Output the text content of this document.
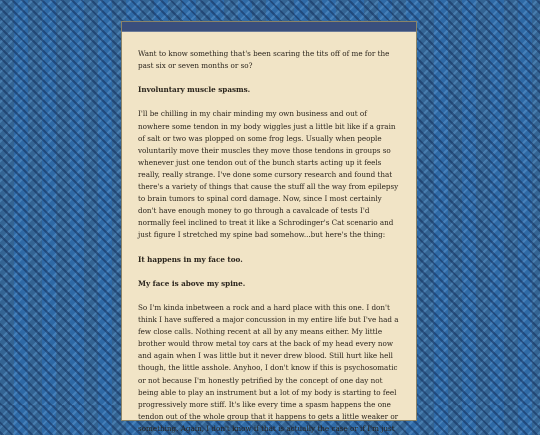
Want to know something that's been scaring the tits off of me for the past six or seven months or so?

Involuntary muscle spasms.

I'll be chilling in my chair minding my own business and out of nowhere some tendon in my body wiggles just a little bit like if a grain of salt or two was plopped on some frog legs. Usually when people voluntarily move their muscles they move those tendons in groups so whenever just one tendon out of the bunch starts acting up it feels really, really strange. I've done some cursory research and found that there's a variety of things that cause the stuff all the way from epilepsy to brain tumors to spinal cord damage. Now, since I most certainly don't have enough money to go through a cavalcade of tests I'd normally feel inclined to treat it like a Schrodinger's Cat scenario and just figure I stretched my spine bad somehow...but here's the thing:

It happens in my face too.

My face is above my spine.

So I'm kinda inbetween a rock and a hard place with this one. I don't think I have suffered a major concussion in my entire life but I've had a few close calls. Nothing recent at all by any means either. My little brother would throw metal toy cars at the back of my head every now and again when I was little but it never drew blood. Still hurt like hell though, the little asshole. Anyhoo, I don't know if this is psychosomatic or not because I'm honestly petrified by the concept of one day not being able to play an instrument but a lot of my body is starting to feel progressively more stiff. It's like every time a spasm happens the one tendon out of the whole group that it happens to gets a little weaker or something. Again, I don't know if that is actually the case or if I'm just
